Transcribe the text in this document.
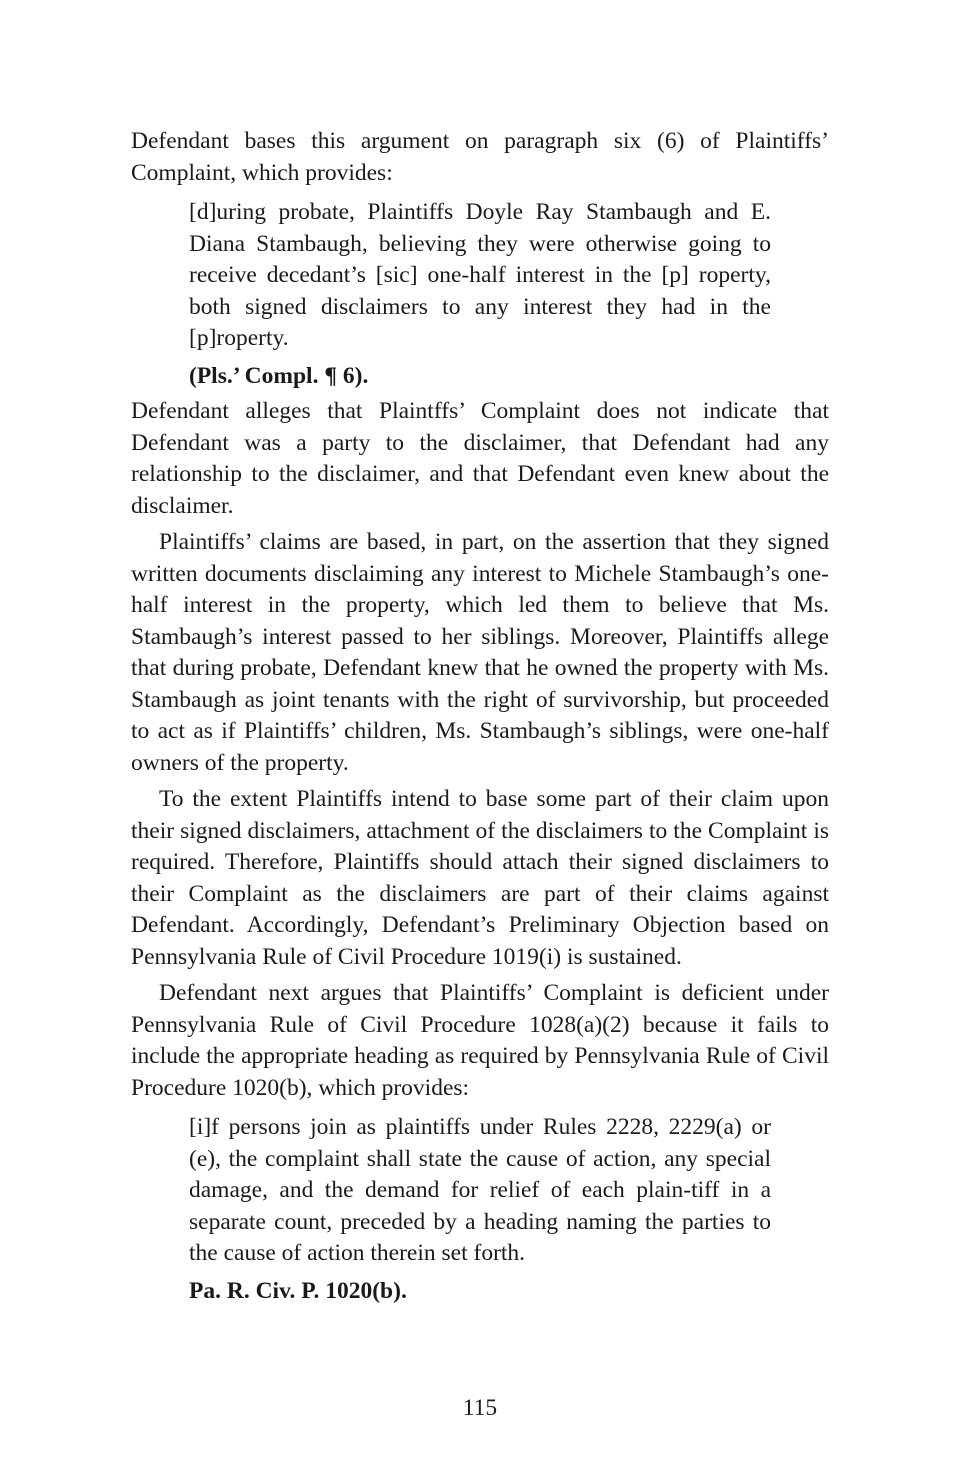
Defendant bases this argument on paragraph six (6) of Plaintiffs’ Complaint, which provides:

[d]uring probate, Plaintiffs Doyle Ray Stambaugh and E. Diana Stambaugh, believing they were otherwise going to receive decedant’s [sic] one-half interest in the [p] roperty, both signed disclaimers to any interest they had in the [p]roperty.

(Pls.’ Compl. ¶ 6).

Defendant alleges that Plaintffs’ Complaint does not indicate that Defendant was a party to the disclaimer, that Defendant had any relationship to the disclaimer, and that Defendant even knew about the disclaimer.

Plaintiffs’ claims are based, in part, on the assertion that they signed written documents disclaiming any interest to Michele Stambaugh’s one-half interest in the property, which led them to believe that Ms. Stambaugh’s interest passed to her siblings. Moreover, Plaintiffs allege that during probate, Defendant knew that he owned the property with Ms. Stambaugh as joint tenants with the right of survivorship, but proceeded to act as if Plaintiffs’ children, Ms. Stambaugh’s siblings, were one-half owners of the property.

To the extent Plaintiffs intend to base some part of their claim upon their signed disclaimers, attachment of the disclaimers to the Complaint is required. Therefore, Plaintiffs should attach their signed disclaimers to their Complaint as the disclaimers are part of their claims against Defendant. Accordingly, Defendant’s Preliminary Objection based on Pennsylvania Rule of Civil Procedure 1019(i) is sustained.

Defendant next argues that Plaintiffs’ Complaint is deficient under Pennsylvania Rule of Civil Procedure 1028(a)(2) because it fails to include the appropriate heading as required by Pennsylvania Rule of Civil Procedure 1020(b), which provides:

[i]f persons join as plaintiffs under Rules 2228, 2229(a) or (e), the complaint shall state the cause of action, any special damage, and the demand for relief of each plain-tiff in a separate count, preceded by a heading naming the parties to the cause of action therein set forth.

Pa. R. Civ. P. 1020(b).

115
